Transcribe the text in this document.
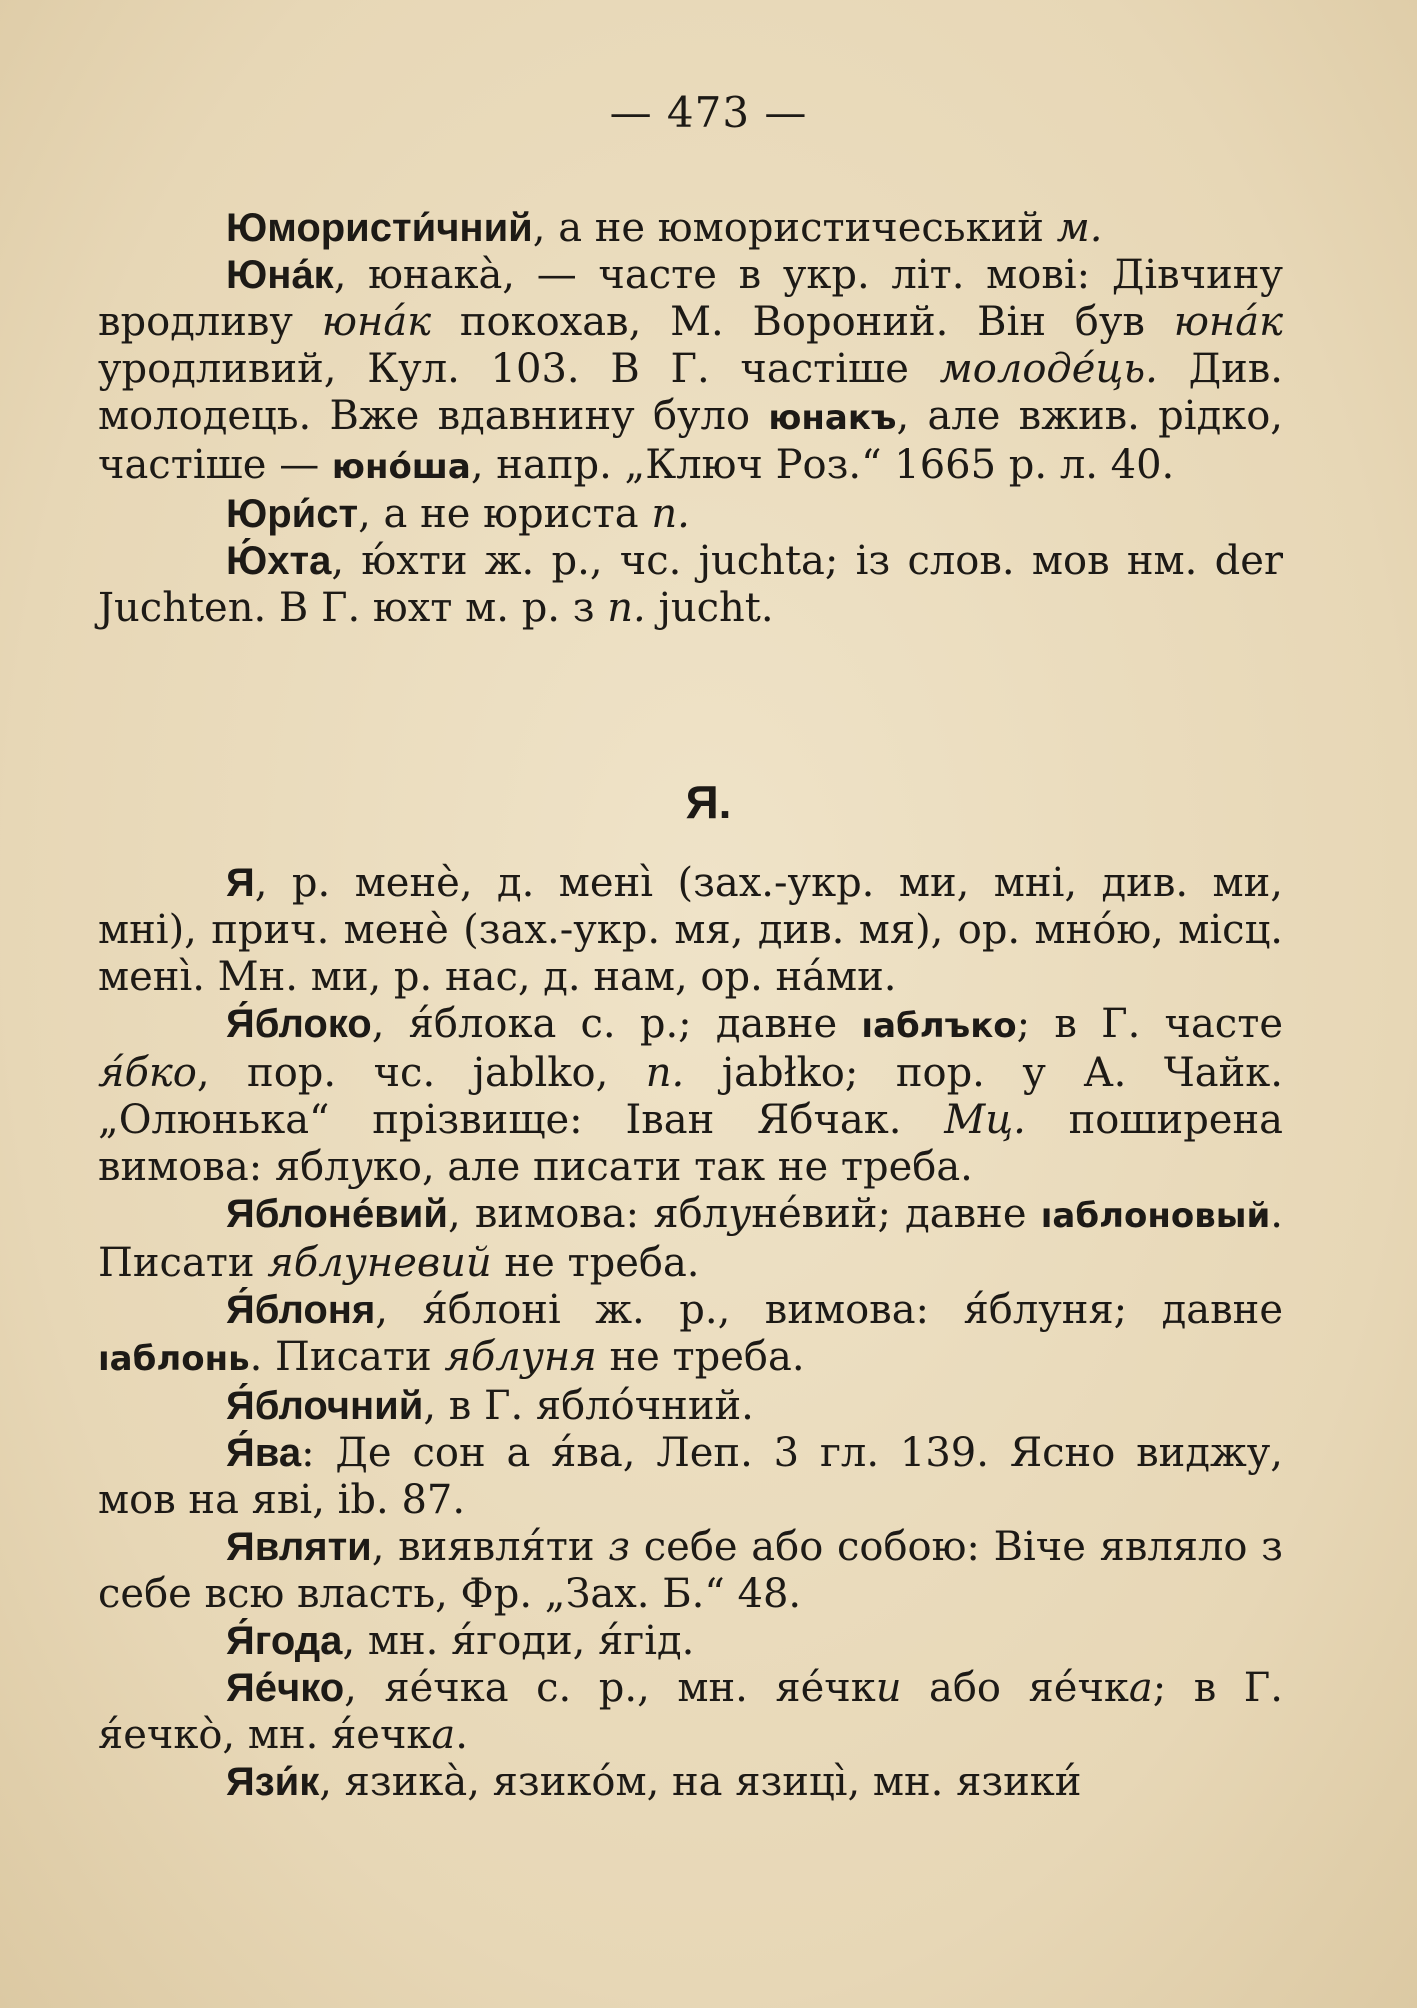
— 473 —

Юмористи́чний, а не юмористичеський м.

Юна́к, юнака̀, — часте в укр. літ. мові: Дівчину вродливу юна́к покохав, М. Вороний. Він був юна́к уродливий, Кул. 103. В Г. частіше молоде́ць. Див. молодець. Вже вдавнину було юнакъ, але вжив. рідко, частіше — юно́ша, напр. „Ключ Роз.“ 1665 р. л. 40.

Юри́ст, а не юриста п.

Ю́хта, ю́хти ж. р., чс. juchta; із слов. мов нм. der Juchten. В Г. юхт м. р. з п. jucht.

Я.

Я, р. менѐ, д. мені̀ (зах.-укр. ми, мні, див. ми, мні), прич. менѐ (зах.-укр. мя, див. мя), ор. мно́ю, місц. мені̀. Мн. ми, р. нас, д. нам, ор. на́ми.

Я́блоко, я́блока с. р.; давне ıаблъко; в Г. часте я́бко, пор. чс. jablko, п. jabłko; пор. у А. Чайк. „Олюнька“ прізвище: Іван Ябчак. Мц. поширена вимова: яблуко, але писати так не треба.

Яблоне́вий, вимова: яблуне́вий; давне ıаблоновый. Писати яблуневий не треба.

Я́блоня, я́блоні ж. р., вимова: я́блуня; давне ıаблонь. Писати яблуня не треба.

Я́блочний, в Г. ябло́чний.

Я́ва: Де сон а я́ва, Леп. 3 гл. 139. Ясно виджу, мов на яві, ib. 87.

Являти, виявля́ти з себе або собою: Віче являло з себе всю власть, Фр. „Зах. Б.“ 48.

Я́года, мн. я́годи, я́гід.

Яе́чко, яе́чка с. р., мн. яе́чки або яе́чка; в Г. я́ечко̀, мн. я́ечка.

Язи́к, язика̀, язико́м, на язиці̀, мн. язики́
